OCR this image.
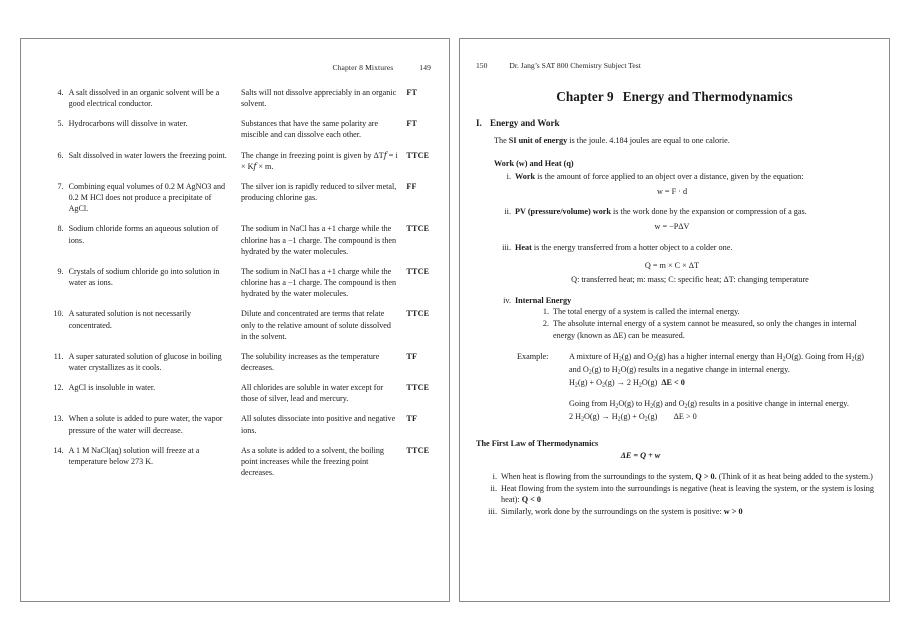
Chapter 8 Mixtures	149
4.	A salt dissolved in an organic solvent will be a good electrical conductor.	Salts will not dissolve appreciably in an organic solvent.	FT
5.	Hydrocarbons will dissolve in water.	Substances that have the same polarity are miscible and can dissolve each other.	FT
6.	Salt dissolved in water lowers the freezing point.	The change in freezing point is given by ΔT𝑓 = i × K𝑓 × m.	TTCE
7.	Combining equal volumes of 0.2 M AgNO3 and 0.2 M HCl does not produce a precipitate of AgCl.	The silver ion is rapidly reduced to silver metal, producing chlorine gas.	FF
8.	Sodium chloride forms an aqueous solution of ions.	The sodium in NaCl has a +1 charge while the chlorine has a −1 charge. The compound is then hydrated by the water molecules.	TTCE
9.	Crystals of sodium chloride go into solution in water as ions.	The sodium in NaCl has a +1 charge while the chlorine has a −1 charge. The compound is then hydrated by the water molecules.	TTCE
10.	A saturated solution is not necessarily concentrated.	Dilute and concentrated are terms that relate only to the relative amount of solute dissolved in the solvent.	TTCE
11.	A super saturated solution of glucose in boiling water crystallizes as it cools.	The solubility increases as the temperature decreases.	TF
12.	AgCl is insoluble in water.	All chlorides are soluble in water except for those of silver, lead and mercury.	TTCE
13.	When a solute is added to pure water, the vapor pressure of the water will decrease.	All solutes dissociate into positive and negative ions.	TF
14.	A 1 M NaCl(aq) solution will freeze at a temperature below 273 K.	As a solute is added to a solvent, the boiling point increases while the freezing point decreases.	TTCE
150	Dr. Jang’s SAT 800 Chemistry Subject Test
Chapter 9 Energy and Thermodynamics
I. Energy and Work

The SI unit of energy is the joule. 4.184 joules are equal to one calorie.

Work (w) and Heat (q)
i. Work is the amount of force applied to an object over a distance, given by the equation:
w = F · d
ii. PV (pressure/volume) work is the work done by the expansion or compression of a gas.
w = −PΔV
iii. Heat is the energy transferred from a hotter object to a colder one.
Q = m × C × ΔT
Q: transferred heat; m: mass; C: specific heat; ΔT: changing temperature
iv. Internal Energy
1. The total energy of a system is called the internal energy.
2. The absolute internal energy of a system cannot be measured, so only the changes in internal energy (known as ΔE) can be measured.
Example:	A mixture of $H_2(g)$ and $O_2(g)$ has a higher internal energy than $H_2O(g)$. Going from $H_2(g)$ and $O_2(g)$ to $H_2O(g)$ results in a negative change in internal energy.

$H_2(g) + O_2(g) \to 2$ $H_2O(g) \Delta E < 0$

Going from $H_2O(g)$ to $H_2(g)$ and $O_2(g)$ results in a positive change in internal energy.

2 $H_2O(g) \to H_2(g) + O_2(g) \Delta E > 0$

The First Law of Thermodynamics
ΔE = Q + w
i. When heat is flowing from the surroundings to the system, Q > 0. (Think of it as heat being added to the system.)
ii. Heat flowing from the system into the surroundings is negative (heat is leaving the system, or the system is losing heat): Q < 0
iii. Similarly, work done by the surroundings on the system is positive: w > 0
